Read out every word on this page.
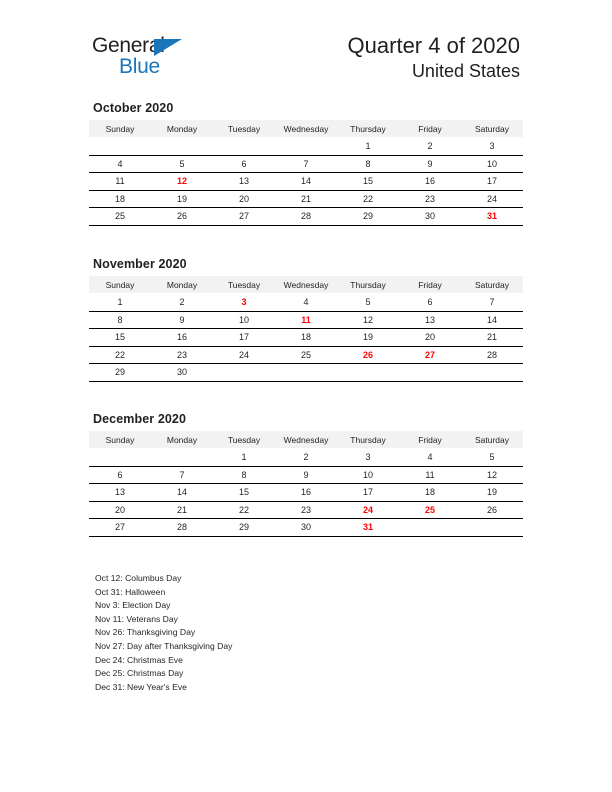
General
Blue
Quarter 4 of 2020
United States
October 2020
Sunday	Monday	Tuesday	Wednesday	Thursday	Friday	Saturday
				1	2	3
4	5	6	7	8	9	10
11	12	13	14	15	16	17
18	19	20	21	22	23	24
25	26	27	28	29	30	31
November 2020
Sunday	Monday	Tuesday	Wednesday	Thursday	Friday	Saturday
1	2	3	4	5	6	7
8	9	10	11	12	13	14
15	16	17	18	19	20	21
22	23	24	25	26	27	28
29	30					
December 2020
Sunday	Monday	Tuesday	Wednesday	Thursday	Friday	Saturday
		1	2	3	4	5
6	7	8	9	10	11	12
13	14	15	16	17	18	19
20	21	22	23	24	25	26
27	28	29	30	31		
Oct 12: Columbus Day
Oct 31: Halloween
Nov 3: Election Day
Nov 11: Veterans Day
Nov 26: Thanksgiving Day
Nov 27: Day after Thanksgiving Day
Dec 24: Christmas Eve
Dec 25: Christmas Day
Dec 31: New Year's Eve
